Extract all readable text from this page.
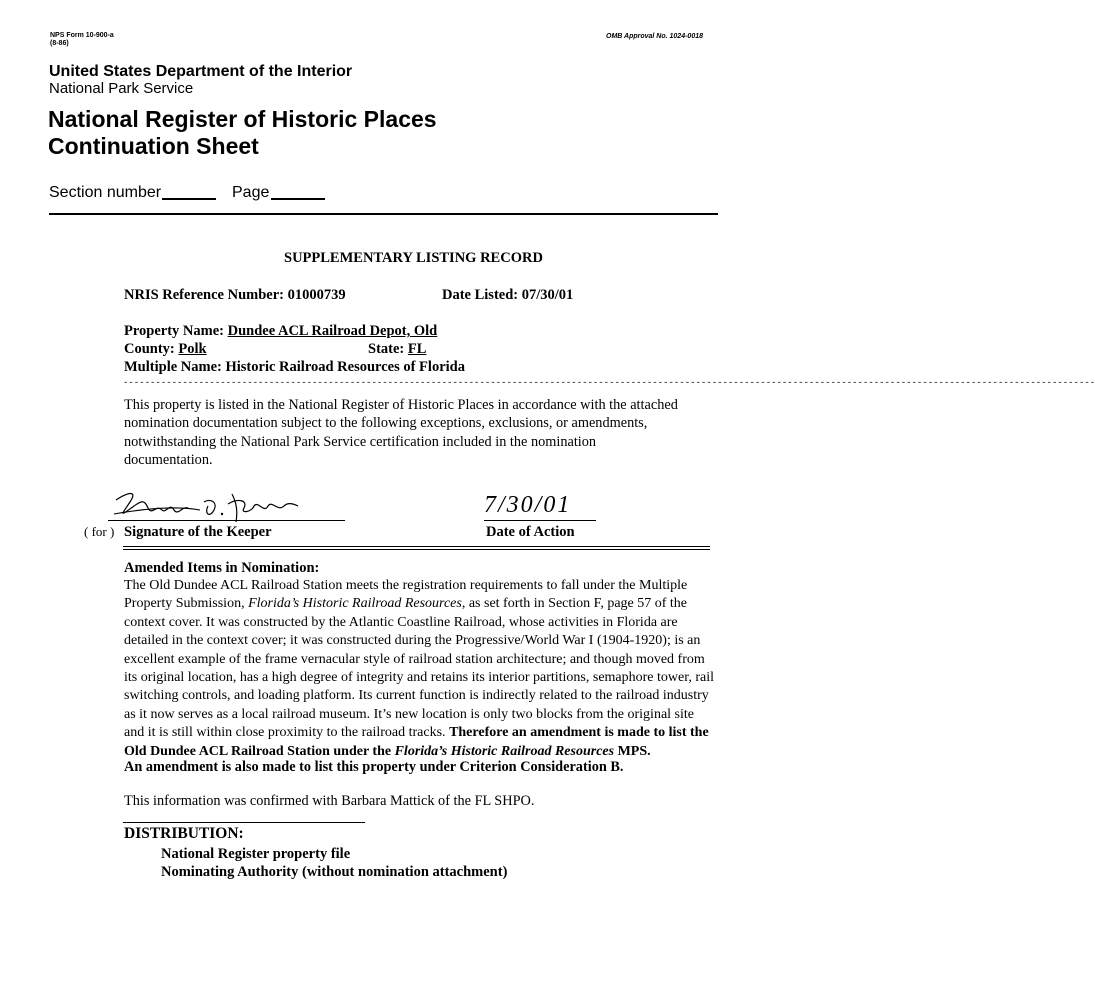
NPS Form 10-900-a
(8-86)
OMB Approval No. 1024-0018
United States Department of the Interior
National Park Service
National Register of Historic Places
Continuation Sheet
Section number	Page
SUPPLEMENTARY LISTING RECORD
NRIS Reference Number: 01000739	Date Listed: 07/30/01
Property Name: Dundee ACL Railroad Depot, Old
County: Polk	State: FL
Multiple Name: Historic Railroad Resources of Florida
------------------------------------------------------------------------------------------------------------------------------------------------------------------------------------
This property is listed in the National Register of Historic Places in accordance with the attached
nomination documentation subject to the following exceptions, exclusions, or amendments,
notwithstanding the National Park Service certification included in the nomination
documentation.
( for ) Signature of the Keeper
7/30/01
Date of Action
Amended Items in Nomination:
The Old Dundee ACL Railroad Station meets the registration requirements to fall under the Multiple
Property Submission, Florida’s Historic Railroad Resources, as set forth in Section F, page 57 of the
context cover. It was constructed by the Atlantic Coastline Railroad, whose activities in Florida are
detailed in the context cover; it was constructed during the Progressive/World War I (1904-1920); is an
excellent example of the frame vernacular style of railroad station architecture; and though moved from
its original location, has a high degree of integrity and retains its interior partitions, semaphore tower, rail
switching controls, and loading platform. Its current function is indirectly related to the railroad industry
as it now serves as a local railroad museum. It’s new location is only two blocks from the original site
and it is still within close proximity to the railroad tracks. Therefore an amendment is made to list the
Old Dundee ACL Railroad Station under the Florida’s Historic Railroad Resources MPS.
An amendment is also made to list this property under Criterion Consideration B.
This information was confirmed with Barbara Mattick of the FL SHPO.
DISTRIBUTION:
National Register property file
Nominating Authority (without nomination attachment)
